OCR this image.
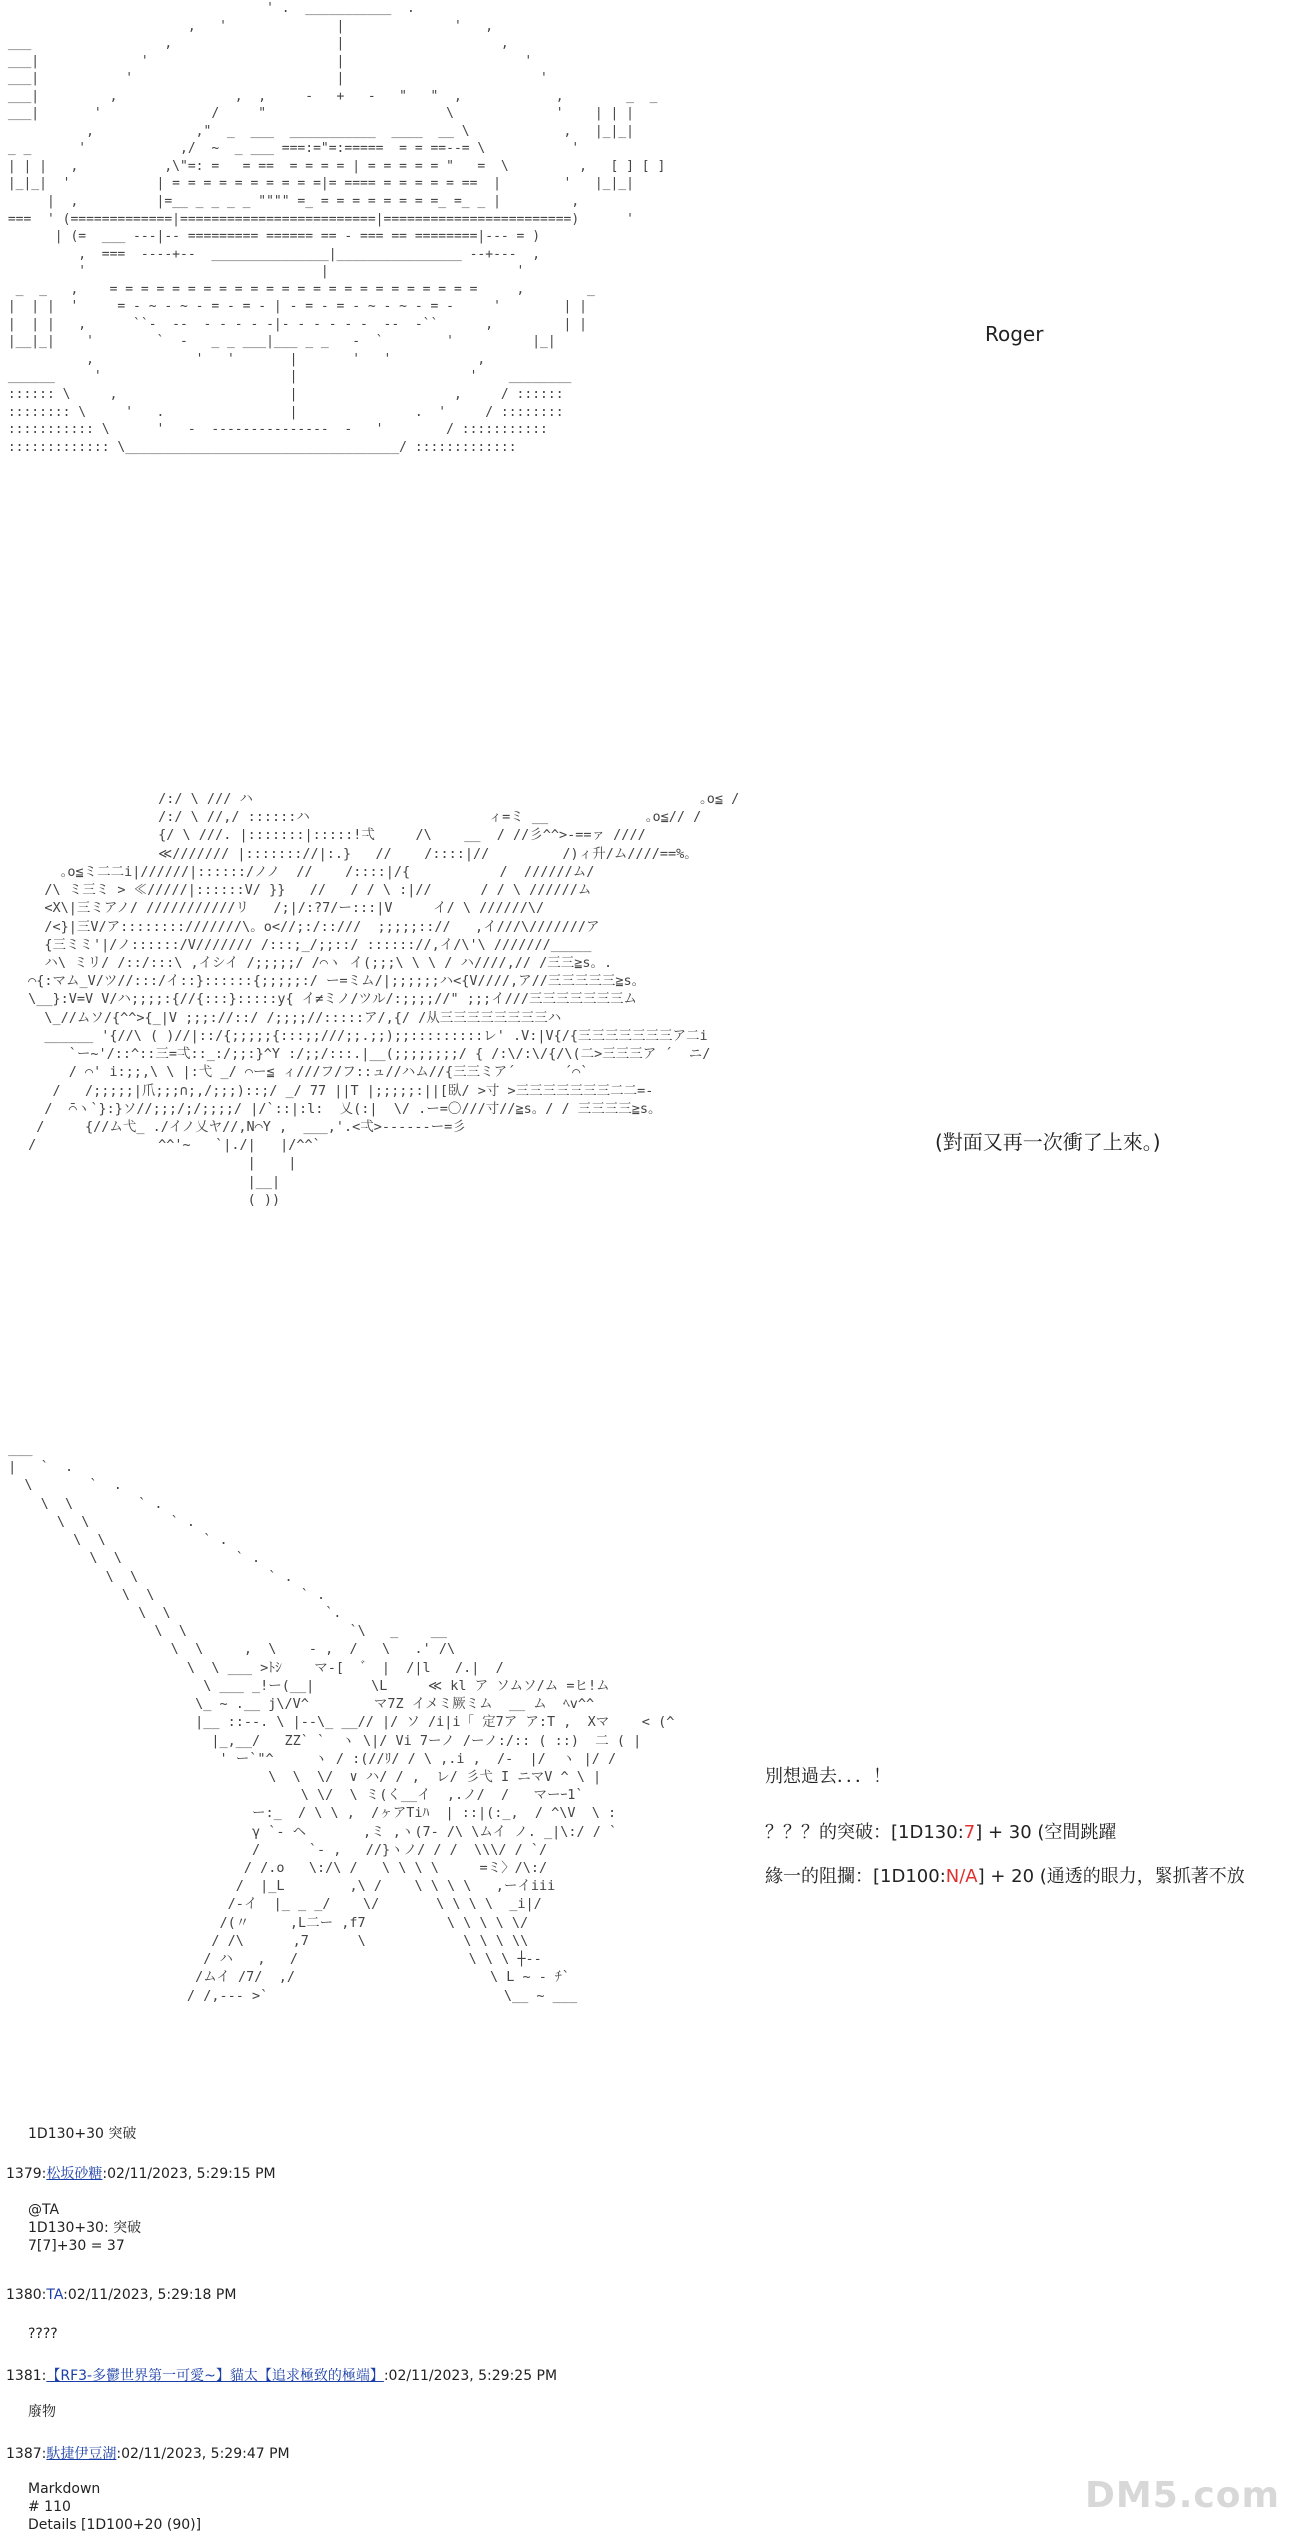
' .  ___________  .
,   '              |              '   ,
___                 ,                     |                    ,
___|             '                        |                       '
___|           '                          |                         '
___|         ,               ,  ,     -   +   -   "   "  ,            ,        _  _
___|       '              /     "                       \             '    | | |
,             ,"  _  ___  ___________  ____  __ \            ,   |_|_|
_ _      '            ,/  ~  _ ___ ===:="=:=====  = = ==--= \           '
| | |   ,           ,\"=: =   = ==  = = = = | = = = = = "   =  \         ,   [ ] [ ]
|_|_|  '           | = = = = = = = = = =|= ==== = = = = = ==  |        '   |_|_|
|  ,          |=__ _ _ _ _ """" =_ = = = = = = = =_ =_ _ |         ,
===  ' (=============|=========================|========================)      '
| (=  ___ ---|-- ========= ====== == - === == ========|--- = )
,  ===  ----+--  _______________|________________ --+---  ,
'                              |                        '
_  _   ,    = = = = = = = = = = = = = = = = = = = = = = = =     ,        _
|  | |  '     = - ~ - ~ - = - = - | - = - = - ~ - ~ - = -     '        | |
|  | |   ,      ``-  --  - - - - -|- - - - - -  --  -``      ,         | |
|__|_|    '        `  -   _ _ ___|___ _ _   -  `        '          |_|
,             '   '       |       '   '           ,
______     '                        |                      '    ________
:::::: \     ,                      |                    ,     / ::::::
:::::::: \     '   .                |               .  '     / ::::::::
::::::::::: \      '   -  ---------------  -   '        / :::::::::::
::::::::::::: \___________________________________/ :::::::::::::
Roger
/:/ \ /// ハ                                                       ｡o≦ /
/:/ \ //,/ ::::::ハ                      ィ=ミ __            ｡o≦// /
{/ \ ///. |:::::::|:::::!弌     /\    __  / //彡^^>-==ァ ////
≪/////// |::::::://|:.}   //    /::::|//         /)ィ升/ム////==%。
｡o≦ミ二二i|//////|::::::/ノノ  //    /::::|/{           /  //////ム/
/\ ミ三ミ > ≪/////|::::::V/ }}   //   / / \ :|//      / / \ //////ム
<X\|三ミアノ/ ///////////リ   /;|/:?7/ー:::|V     イ/ \ //////\/
/<}|三V/ア::::::::///////\。o<//;:/::///  ;;;;;:://   ,イ///\///////ア
{三ミミ'|/ノ::::::/V/////// /:::;_/;;::/ :::::://,イ/\'\ ///////_____
ハ\ ミリ/ /::/:::\ ,イシイ /;;;;;/ /⌒ヽ イ(;;;\ \ \ / ハ////,// /三三≧s。.
⌒{:マム_V/ツ//:::/イ::}::::::{;;;;;:/ ー=ミム/|;;;;;;ハ<{V////,ア//三三三三三≧s。
\__}:V=V V/ハ;;;;:{//{:::}:::::y{ イ≠ミノ/ツル/:;;;;//" ;;;イ///三三三三三三三ム
\_//ムソ/{^^>{_|V ;;;://::/ /;;;;//:::::ア/,{/ /从三三三三三三三三ハ
______ '{//\ ( )//|::/{;;;;;{:::;;///;;.;;);;:::::::::レ' .V:|V{/{三三三三三三三ア二i
`ー~'/::^::三=弌::_:/;;:}^Y :/;;/:::.|__(;;;;;;;;/ { /:\/:\/{/\(二>三三三ア ´  ニ/
/ ⌒' i:;;,\ \ |:弋 _/ ⌒ー≦ ィ///フ/フ::ュ//ハム//{三三ミア´      ´⌒`
/   /;;;;;|爪;;;∩;,/;;;)::;/ _/ 77 ||T |;;;;;:||[臥/ >寸 >三三三三三三三二二=-
/  ̄⌒ヽ`}:}ソ//;;;/;/;;;;/ |/`::|:l:  乂(:|  \/ .ー=〇///寸//≧s。/ / 三三三三≧s。
/     {//ム弋_ ./イノ乂ヤ//,N⌒Y ,  ___,'.<弌>------ー=彡
/               ^^'~   `|./|   |/^^`
|    |
|__|
( ))
(對面又再一次衝了上來。)
___
|   `  .
\       `  .
\  \        ` .
\  \          ` .
\  \            ` .
\  \              ` .
\  \                ` .
\  \                  ` .
\  \                   `.
\  \                    `\   _    __
\  \     ,  \    - ,  /   \   .' /\
\  \ ___ >ﾄｼ    マ-[  ゛ |  /|l   /.|  /
\ ___ _!ー(__|       \L     ≪ kl ア ソムソ/ム =ヒ!ム
\_ ~ .__ j\/V^        マ7Z イメミ厥ミム  __ ム  ﾍv^^
|__ ::--. \ |--\_ __// |/ ソ /i|i「 定7ア ア:T ,  Xマ    < (^
|_,__/   ZZ` `  ヽ \|/ Vi 7ーノ /ーノ:/:: ( ::)  二 ( |
' ー`"^     ヽ / :(//ﾘ/ / \ ,.i ,  /-  |/  ヽ |/ /
\  \  \/  ∨ ハ/ / ,  レ/ 彡弋 I ニマV ^ \ |
\ \/  \ ミ(く__イ  ,.ノ/  /   マーｰ1`
ー:_  / \ \ ,  /ヶアTiﾊ  | ::|(:_,  / ^\V  \ :
γ `- ヘ       ,ミ ,ヽ(7- /\ \ムイ ノ. _|\:/ / `
/      `- ,   //}ヽノ/ / /  \\\/ / `/
/ /.o   \:/\ /   \ \ \ \     =ミ〉/\:/
/  |_L        ,\ /    \ \ \ \   ,ーイiii
/-イ  |_ _ _/    \/       \ \ \ \  _i|/
/(〃     ,L二ー ,f7          \ \ \ \ \/
/ /\      ,7      \            \ \ \ \\
/ ハ   ,   /                     \ \ \ ┼--
/ムイ /7/  ,/                        \ L ~ - ﾁ`
/ /,--- >`                             \__ ~ ___
別想過去．．．！
？？？的突破：[1D130:7] + 30 (空間跳躍
緣一的阻攔：[1D100:N/A] + 20 (通透的眼力，緊抓著不放
1D130+30 突破
1379:松坂砂糖:02/11/2023, 5:29:15 PM
@TA
1D130+30: 突破
7[7]+30 = 37
1380:TA:02/11/2023, 5:29:18 PM
????
1381:【RF3-多鬱世界第一可愛~】貓太【追求極致的極端】:02/11/2023, 5:29:25 PM
廢物
1387:馱捷伊豆湖:02/11/2023, 5:29:47 PM
Markdown
# 110
Details [1D100+20 (90)]
DM5.com
